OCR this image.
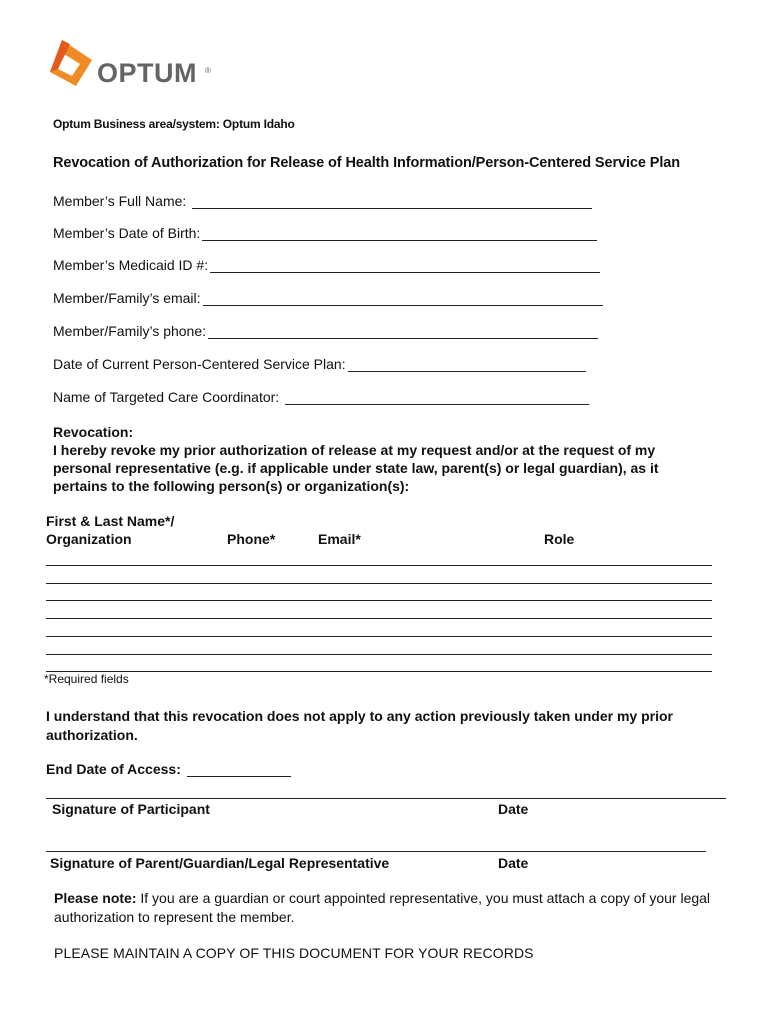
OPTUM ®
Optum Business area/system: Optum Idaho
Revocation of Authorization for Release of Health Information/Person-Centered Service Plan
Member’s Full Name:
Member’s Date of Birth:
Member’s Medicaid ID #:
Member/Family’s email:
Member/Family’s phone:
Date of Current Person-Centered Service Plan:
Name of Targeted Care Coordinator:
Revocation:
I hereby revoke my prior authorization of release at my request and/or at the request of my
personal representative (e.g. if applicable under state law, parent(s) or legal guardian), as it
pertains to the following person(s) or organization(s):
First & Last Name*/
Organization	Phone*	Email*	Role
*Required fields
I understand that this revocation does not apply to any action previously taken under my prior authorization.
End Date of Access:
Signature of Participant	Date
Signature of Parent/Guardian/Legal Representative	Date
Please note: If you are a guardian or court appointed representative, you must attach a copy of your legal authorization to represent the member.
PLEASE MAINTAIN A COPY OF THIS DOCUMENT FOR YOUR RECORDS
